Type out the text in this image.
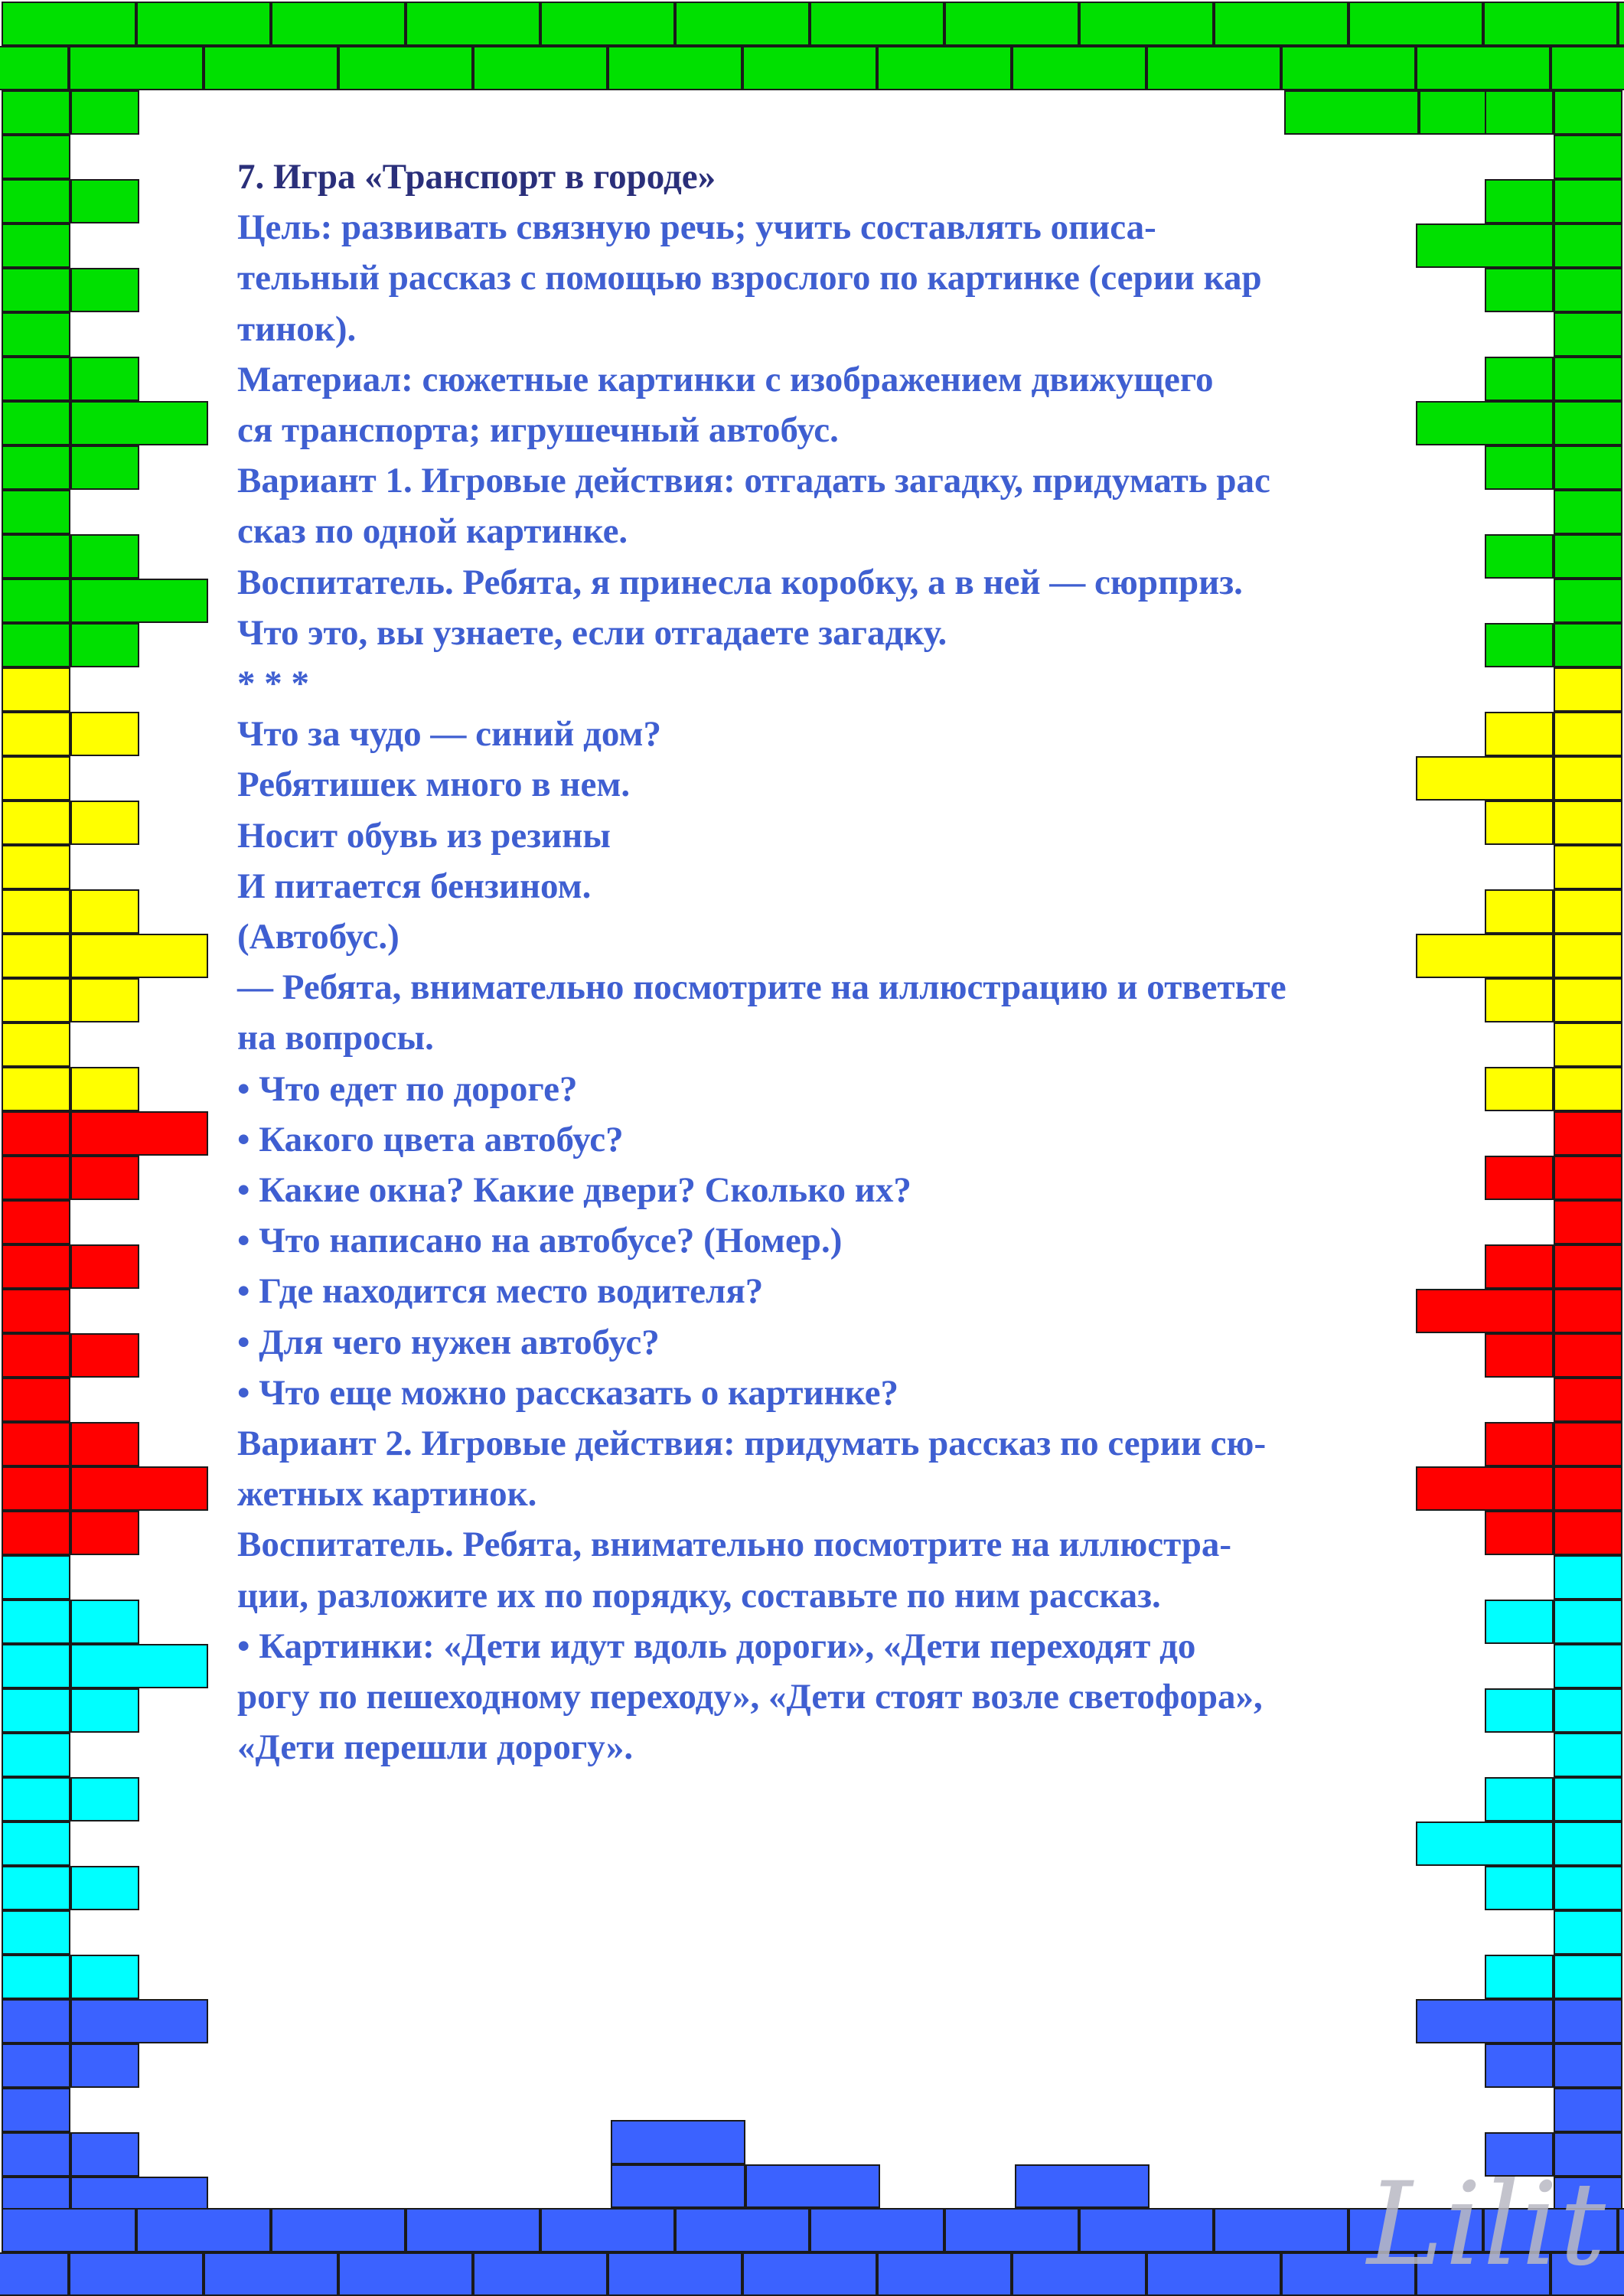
7. Игра «Транспорт в городе»
Цель: развивать связную речь; учить составлять описа-
тельный рассказ с помощью взрослого по картинке (серии кар
тинок).
Материал: сюжетные картинки с изображением движущего
ся транспорта; игрушечный автобус.
Вариант 1. Игровые действия: отгадать загадку, придумать рас
сказ по одной картинке.
Воспитатель. Ребята, я принесла коробку, а в ней — сюрприз.
Что это, вы узнаете, если отгадаете загадку.
* * *
Что за чудо — синий дом?
Ребятишек много в нем.
Носит обувь из резины
И питается бензином.
(Автобус.)
— Ребята, внимательно посмотрите на иллюстрацию и ответьте
на вопросы.
• Что едет по дороге?
• Какого цвета автобус?
• Какие окна? Какие двери? Сколько их?
• Что написано на автобусе? (Номер.)
• Где находится место водителя?
• Для чего нужен автобус?
• Что еще можно рассказать о картинке?
Вариант 2. Игровые действия: придумать рассказ по серии сю-
жетных картинок.
Воспитатель. Ребята, внимательно посмотрите на иллюстра-
ции, разложите их по порядку, составьте по ним рассказ.
• Картинки: «Дети идут вдоль дороги», «Дети переходят до
рогу по пешеходному переходу», «Дети стоят возле светофора»,
«Дети перешли дорогу».
Lilit
